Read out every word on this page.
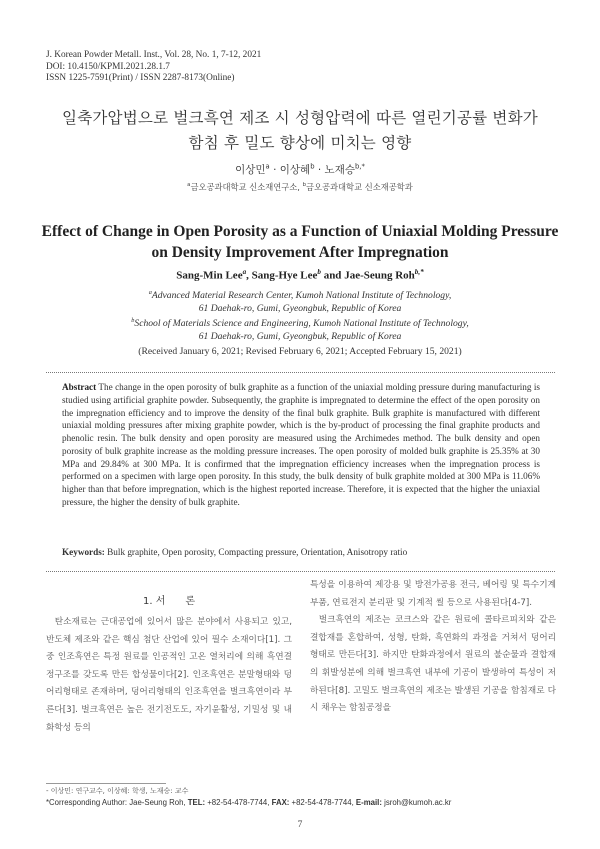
J. Korean Powder Metall. Inst., Vol. 28, No. 1, 7-12, 2021
DOI: 10.4150/KPMI.2021.28.1.7
ISSN 1225-7591(Print) / ISSN 2287-8173(Online)
일축가압법으로 벌크흑연 제조 시 성형압력에 따른 열린기공률 변화가
함침 후 밀도 향상에 미치는 영향
이상민$^a$ · 이상혜$^b$ · 노재승$^{b,*}$
$^a$금오공과대학교 신소재연구소, $^b$금오공과대학교 신소재공학과
Effect of Change in Open Porosity as a Function of Uniaxial Molding Pressure
on Density Improvement After Impregnation
Sang-Min Lee$^a$, Sang-Hye Lee$^b$ and Jae-Seung Roh$^{b,*}$
$^a$Advanced Material Research Center, Kumoh National Institute of Technology,
61 Daehak-ro, Gumi, Gyeongbuk, Republic of Korea
$^b$School of Materials Science and Engineering, Kumoh National Institute of Technology,
61 Daehak-ro, Gumi, Gyeongbuk, Republic of Korea
(Received January 6, 2021; Revised February 6, 2021; Accepted February 15, 2021)
Abstract The change in the open porosity of bulk graphite as a function of the uniaxial molding pressure during manufacturing is studied using artificial graphite powder. Subsequently, the graphite is impregnated to determine the effect of the open porosity on the impregnation efficiency and to improve the density of the final bulk graphite. Bulk graphite is manufactured with different uniaxial molding pressures after mixing graphite powder, which is the by-product of processing the final graphite products and phenolic resin. The bulk density and open porosity are measured using the Archimedes method. The bulk density and open porosity of bulk graphite increase as the molding pressure increases. The open porosity of molded bulk graphite is 25.35% at 30 MPa and 29.84% at 300 MPa. It is confirmed that the impregnation efficiency increases when the impregnation process is performed on a specimen with large open porosity. In this study, the bulk density of bulk graphite molded at 300 MPa is 11.06% higher than that before impregnation, which is the highest reported increase. Therefore, it is expected that the higher the uniaxial pressure, the higher the density of bulk graphite.
Keywords: Bulk graphite, Open porosity, Compacting pressure, Orientation, Anisotropy ratio
1. 서　　론
탄소재료는 근대공업에 있어서 많은 분야에서 사용되고 있고, 반도체 제조와 같은 핵심 첨단 산업에 있어 필수 소재이다[1]. 그 중 인조흑연은 특정 원료를 인공적인 고온 열처리에 의해 흑연결정구조를 갖도록 만든 합성물이다[2]. 인조흑연은 분말형태와 덩어리형태로 존재하며, 덩어리형태의 인조흑연을 벌크흑연이라 부른다[3]. 벌크흑연은 높은 전기전도도, 자기윤활성, 기밀성 및 내화학성 등의
특성을 이용하여 제강용 및 방전가공용 전극, 베어링 및 특수기계부품, 연료전지 분리판 및 기계적 씰 등으로 사용된다[4-7].
벌크흑연의 제조는 코크스와 같은 원료에 콜타르피치와 같은 결합재를 혼합하여, 성형, 탄화, 흑연화의 과정을 거쳐서 덩어리 형태로 만든다[3]. 하지만 탄화과정에서 원료의 불순물과 결합재의 휘발성분에 의해 벌크흑연 내부에 기공이 발생하여 특성이 저하된다[8]. 고밀도 벌크흑연의 제조는 발생된 기공을 함침재로 다시 채우는 함침공정을
- 이상민: 연구교수, 이상혜: 학생, 노재승: 교수
*Corresponding Author: Jae-Seung Roh, TEL: +82-54-478-7744, FAX: +82-54-478-7744, E-mail: jsroh@kumoh.ac.kr
7
